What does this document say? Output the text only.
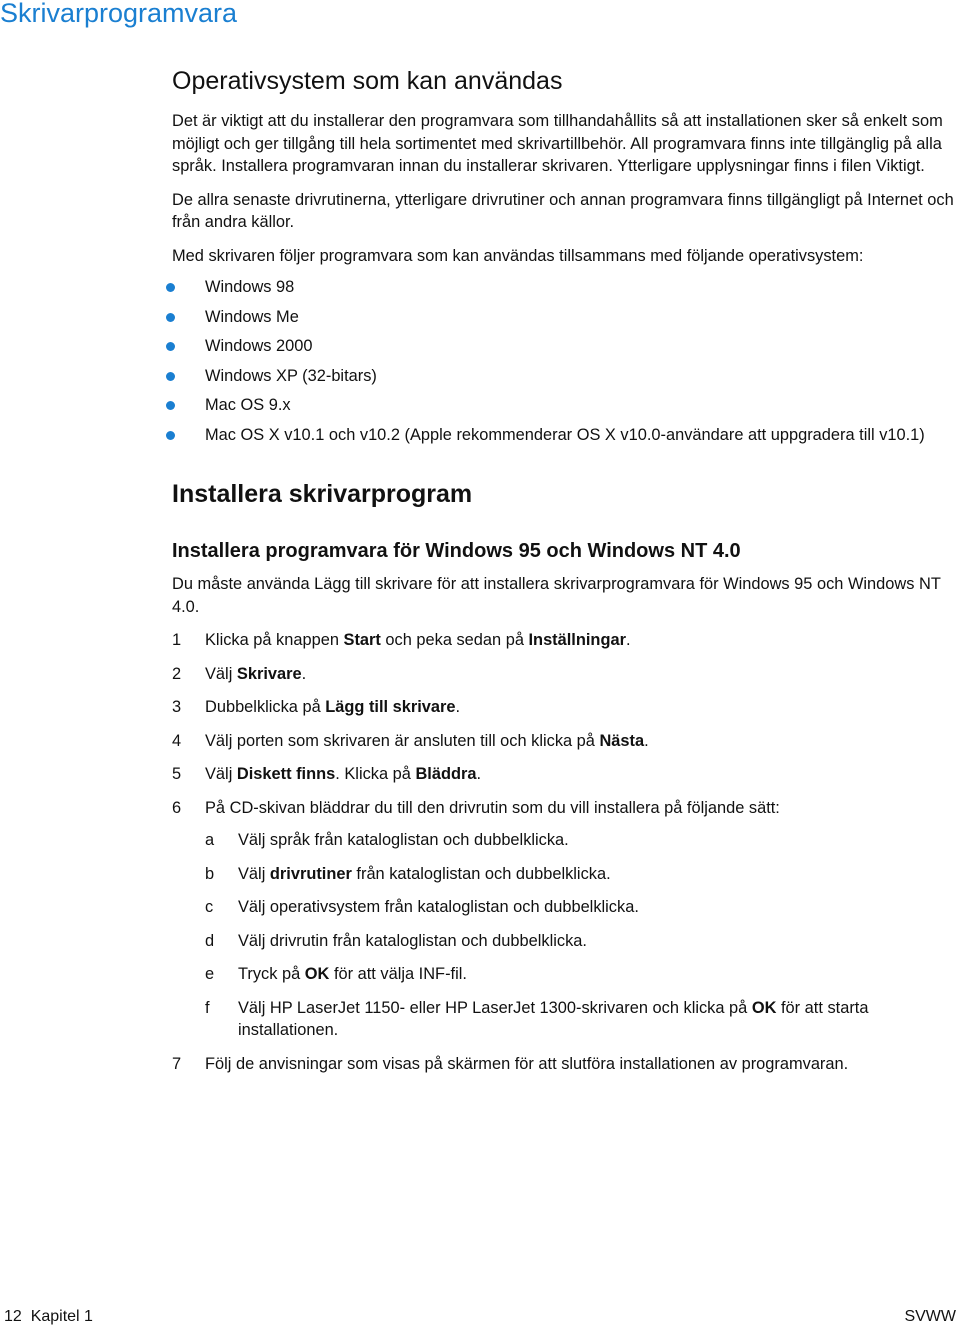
Skrivarprogramvara
Operativsystem som kan användas

Det är viktigt att du installerar den programvara som tillhandahållits så att installationen sker så enkelt som möjligt och ger tillgång till hela sortimentet med skrivartillbehör. All programvara finns inte tillgänglig på alla språk. Installera programvaran innan du installerar skrivaren. Ytterligare upplysningar finns i filen Viktigt.

De allra senaste drivrutinerna, ytterligare drivrutiner och annan programvara finns tillgängligt på Internet och från andra källor.

Med skrivaren följer programvara som kan användas tillsammans med följande operativsystem:

Windows 98
Windows Me
Windows 2000
Windows XP (32-bitars)
Mac OS 9.x
Mac OS X v10.1 och v10.2 (Apple rekommenderar OS X v10.0-användare att uppgradera till v10.1)
Installera skrivarprogram
Installera programvara för Windows 95 och Windows NT 4.0

Du måste använda Lägg till skrivare för att installera skrivarprogramvara för Windows 95 och Windows NT 4.0.

1 Klicka på knappen Start och peka sedan på Inställningar.
2 Välj Skrivare.
3 Dubbelklicka på Lägg till skrivare.
4 Välj porten som skrivaren är ansluten till och klicka på Nästa.
5 Välj Diskett finns. Klicka på Bläddra.
6 På CD-skivan bläddrar du till den drivrutin som du vill installera på följande sätt:
a Välj språk från kataloglistan och dubbelklicka.
b Välj drivrutiner från kataloglistan och dubbelklicka.
c Välj operativsystem från kataloglistan och dubbelklicka.
d Välj drivrutin från kataloglistan och dubbelklicka.
e Tryck på OK för att välja INF-fil.
f Välj HP LaserJet 1150- eller HP LaserJet 1300-skrivaren och klicka på OK för att starta installationen.
7 Följ de anvisningar som visas på skärmen för att slutföra installationen av programvaran.
12  Kapitel 1	SVWW
